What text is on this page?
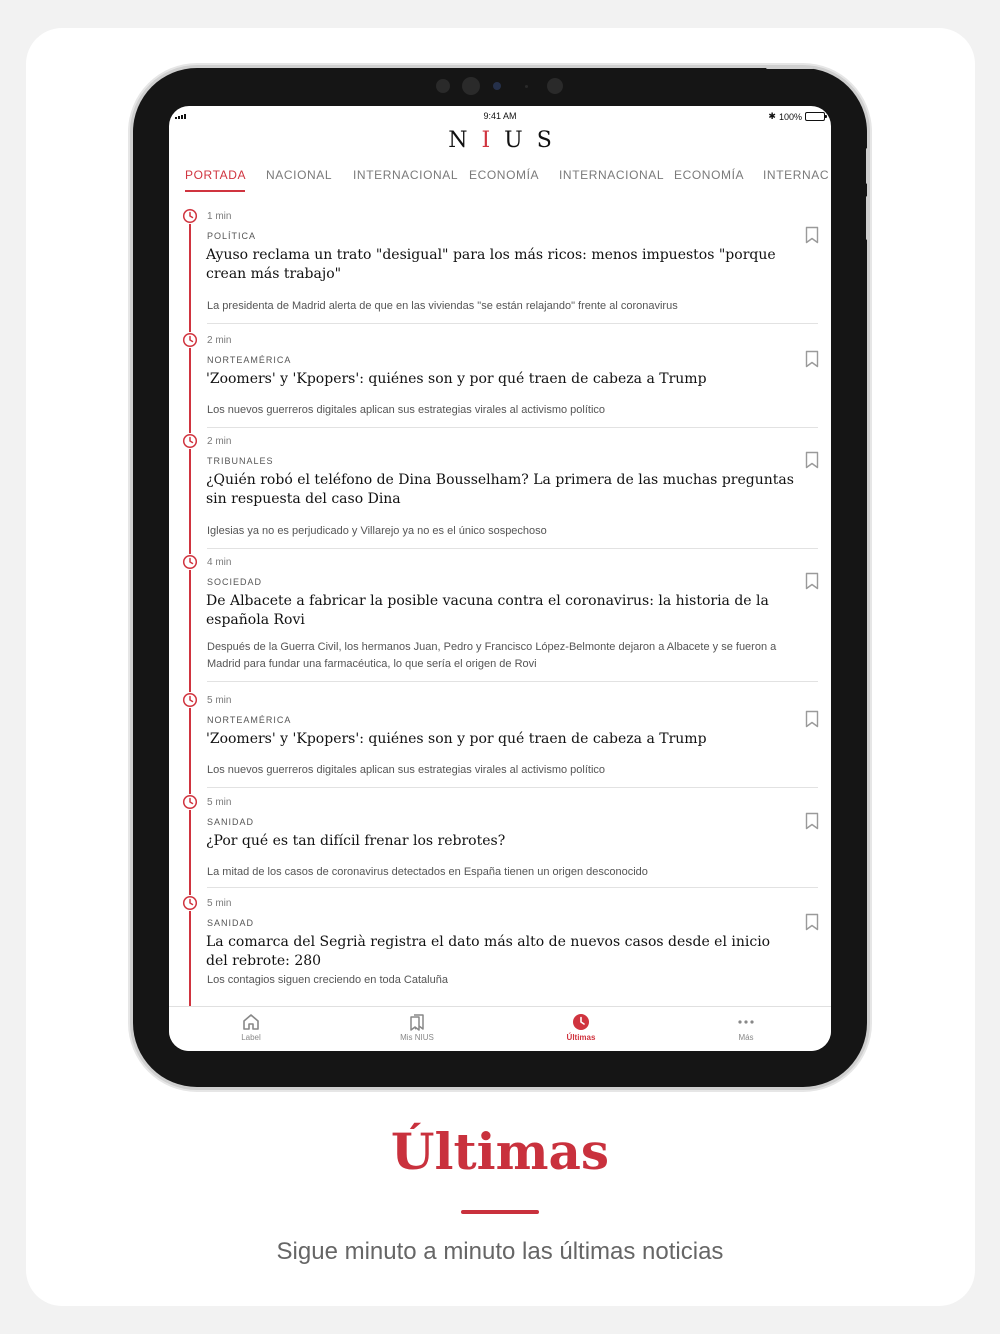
9:41 AM	✱ 100%
NIUS
PORTADA NACIONAL INTERNACIONAL ECONOMÍA INTERNACIONAL ECONOMÍA INTERNAC
1 min
POLÍTICA
Ayuso reclama un trato "desigual" para los más ricos: menos impuestos "porque crean más trabajo"
La presidenta de Madrid alerta de que en las viviendas "se están relajando" frente al coronavirus
2 min
NORTEAMÉRICA
'Zoomers' y 'Kpopers': quiénes son y por qué traen de cabeza a Trump
Los nuevos guerreros digitales aplican sus estrategias virales al activismo político
2 min
TRIBUNALES
¿Quién robó el teléfono de Dina Bousselham? La primera de las muchas preguntas sin respuesta del caso Dina
Iglesias ya no es perjudicado y Villarejo ya no es el único sospechoso
4 min
SOCIEDAD
De Albacete a fabricar la posible vacuna contra el coronavirus: la historia de la española Rovi
Después de la Guerra Civil, los hermanos Juan, Pedro y Francisco López-Belmonte dejaron a Albacete y se fueron a Madrid para fundar una farmacéutica, lo que sería el origen de Rovi
5 min
NORTEAMÉRICA
'Zoomers' y 'Kpopers': quiénes son y por qué traen de cabeza a Trump
Los nuevos guerreros digitales aplican sus estrategias virales al activismo político
5 min
SANIDAD
¿Por qué es tan difícil frenar los rebrotes?
La mitad de los casos de coronavirus detectados en España tienen un origen desconocido
5 min
SANIDAD
La comarca del Segrià registra el dato más alto de nuevos casos desde el inicio del rebrote: 280
Los contagios siguen creciendo en toda Cataluña
Label	Mis NIUS	Últimas	Más
Últimas
Sigue minuto a minuto las últimas noticias
